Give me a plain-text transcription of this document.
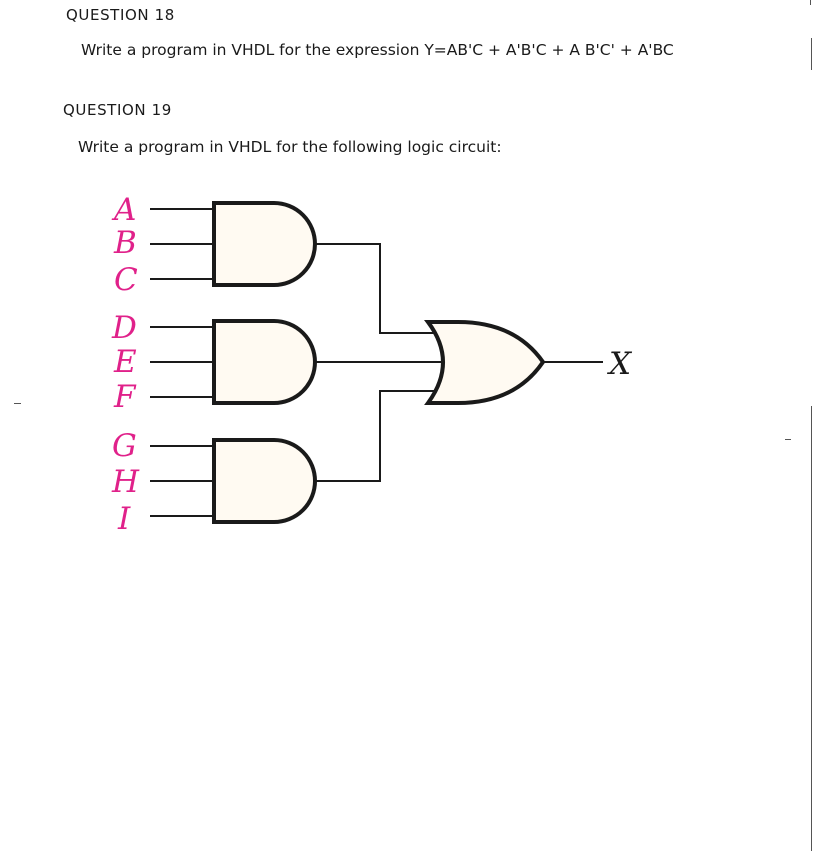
QUESTION 18
Write a program in VHDL for the expression Y=AB'C + A'B'C + A B'C' + A'BC
QUESTION 19
Write a program in VHDL for the following logic circuit:
A
B
C
D
E
F
G
H
I
X
